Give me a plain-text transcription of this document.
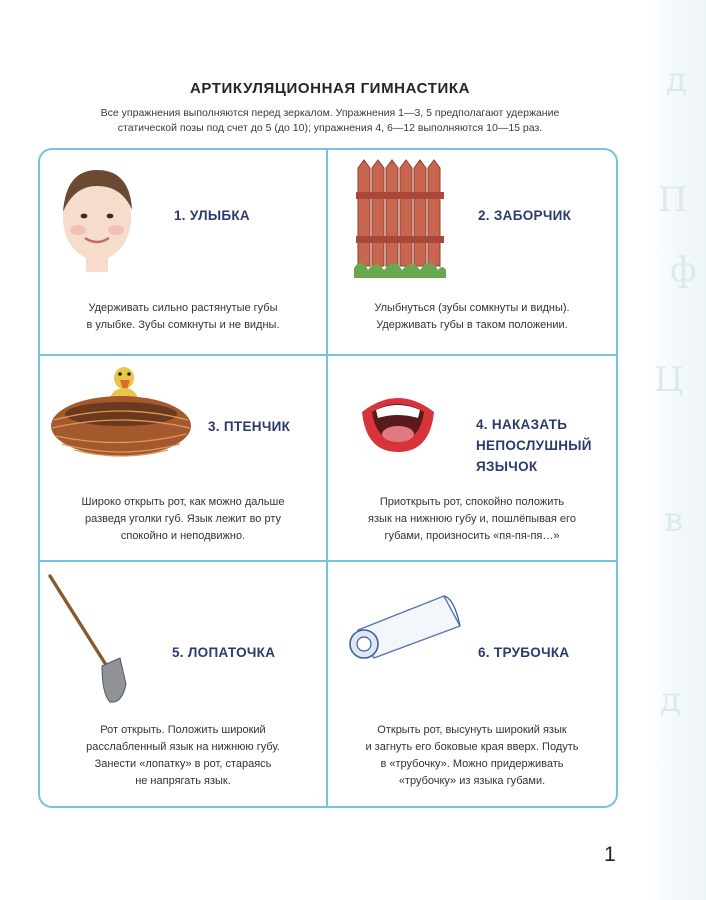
д
П
ф
Ц
в
д
АРТИКУЛЯЦИОННАЯ ГИМНАСТИКА
Все упражнения выполняются перед зеркалом. Упражнения 1—3, 5 предполагают удержание
статической позы под счет до 5 (до 10); упражнения 4, 6—12 выполняются 10—15 раз.
1. УЛЫБКА
Удерживать сильно растянутые губы
в улыбке. Зубы сомкнуты и не видны.
2. ЗАБОРЧИК
Улыбнуться (зубы сомкнуты и видны).
Удерживать губы в таком положении.
3. ПТЕНЧИК
Широко открыть рот, как можно дальше
разведя уголки губ. Язык лежит во рту
спокойно и неподвижно.
4. НАКАЗАТЬ
НЕПОСЛУШНЫЙ
ЯЗЫЧОК
Приоткрыть рот, спокойно положить
язык на нижнюю губу и, пошлёпывая его
губами, произносить «пя-пя-пя…»
5. ЛОПАТОЧКА
Рот открыть. Положить широкий
расслабленный язык на нижнюю губу.
Занести «лопатку» в рот, стараясь
не напрягать язык.
6. ТРУБОЧКА
Открыть рот, высунуть широкий язык
и загнуть его боковые края вверх. Подуть
в «трубочку». Можно придерживать
«трубочку» из языка губами.
1
